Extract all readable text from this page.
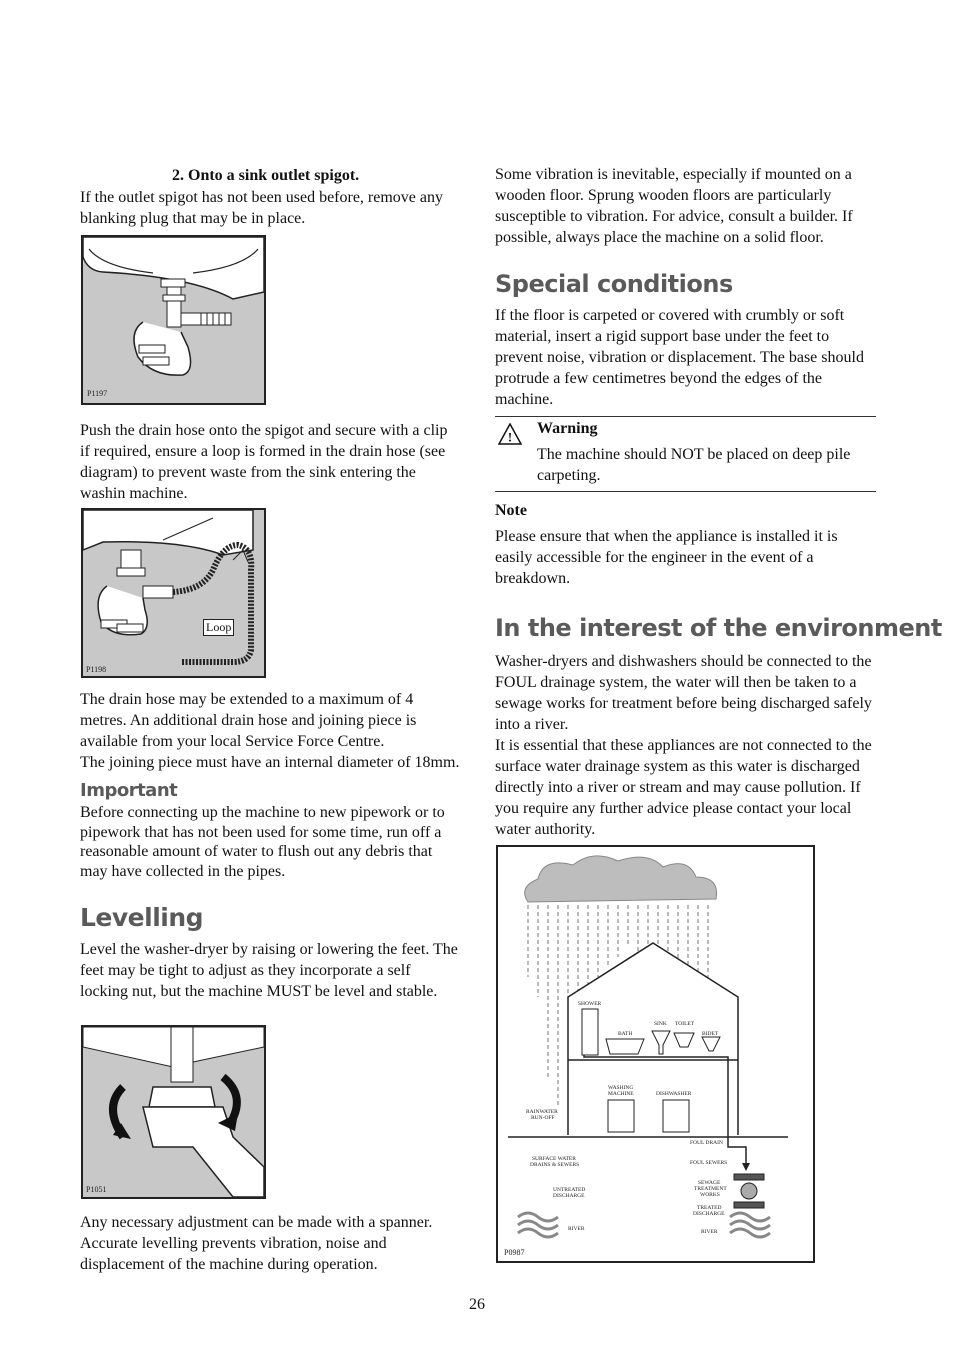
2. Onto a sink outlet spigot.

If the outlet spigot has not been used before, remove any blanking plug that may be in place.

P1197

Push the drain hose onto the spigot and secure with a clip if required, ensure a loop is formed in the drain hose (see diagram) to prevent waste from the sink entering the washin machine.

Loop
P1198

The drain hose may be extended to a maximum of 4 metres. An additional drain hose and joining piece is available from your local Service Force Centre.

The joining piece must have an internal diameter of 18mm.

Important

Before connecting up the machine to new pipework or to pipework that has not been used for some time, run off a reasonable amount of water to flush out any debris that may have collected in the pipes.

Levelling

Level the washer-dryer by raising or lowering the feet. The feet may be tight to adjust as they incorporate a self locking nut, but the machine MUST be level and stable.

P1051

Any necessary adjustment can be made with a spanner. Accurate levelling prevents vibration, noise and displacement of the machine during operation.

Some vibration is inevitable, especially if mounted on a wooden floor. Sprung wooden floors are particularly susceptible to vibration. For advice, consult a builder. If possible, always place the machine on a solid floor.

Special conditions

If the floor is carpeted or covered with crumbly or soft material, insert a rigid support base under the feet to prevent noise, vibration or displacement. The base should protrude a few centimetres beyond the edges of the machine.

! Warning

The machine should NOT be placed on deep pile carpeting.

Note

Please ensure that when the appliance is installed it is easily accessible for the engineer in the event of a breakdown.

In the interest of the environment

Washer-dryers and dishwashers should be connected to the FOUL drainage system, the water will then be taken to a sewage works for treatment before being discharged safely into a river.

It is essential that these appliances are not connected to the surface water drainage system as this water is discharged directly into a river or stream and may cause pollution. If you require any further advice please contact your local water authority.

SHOWER
BATH
SINK TOILET
BIDET
WASHING
MACHINE	DISHWASHER
RAINWATER
RUN-OFF
FOUL DRAIN
SURFACE WATER
DRAINS & SEWERS	FOUL SEWERS
UNTREATED
DISCHARGE
SEWAGE
TREATMENT
WORKS
TREATED
DISCHARGE
RIVER	RIVER
P0987
26
